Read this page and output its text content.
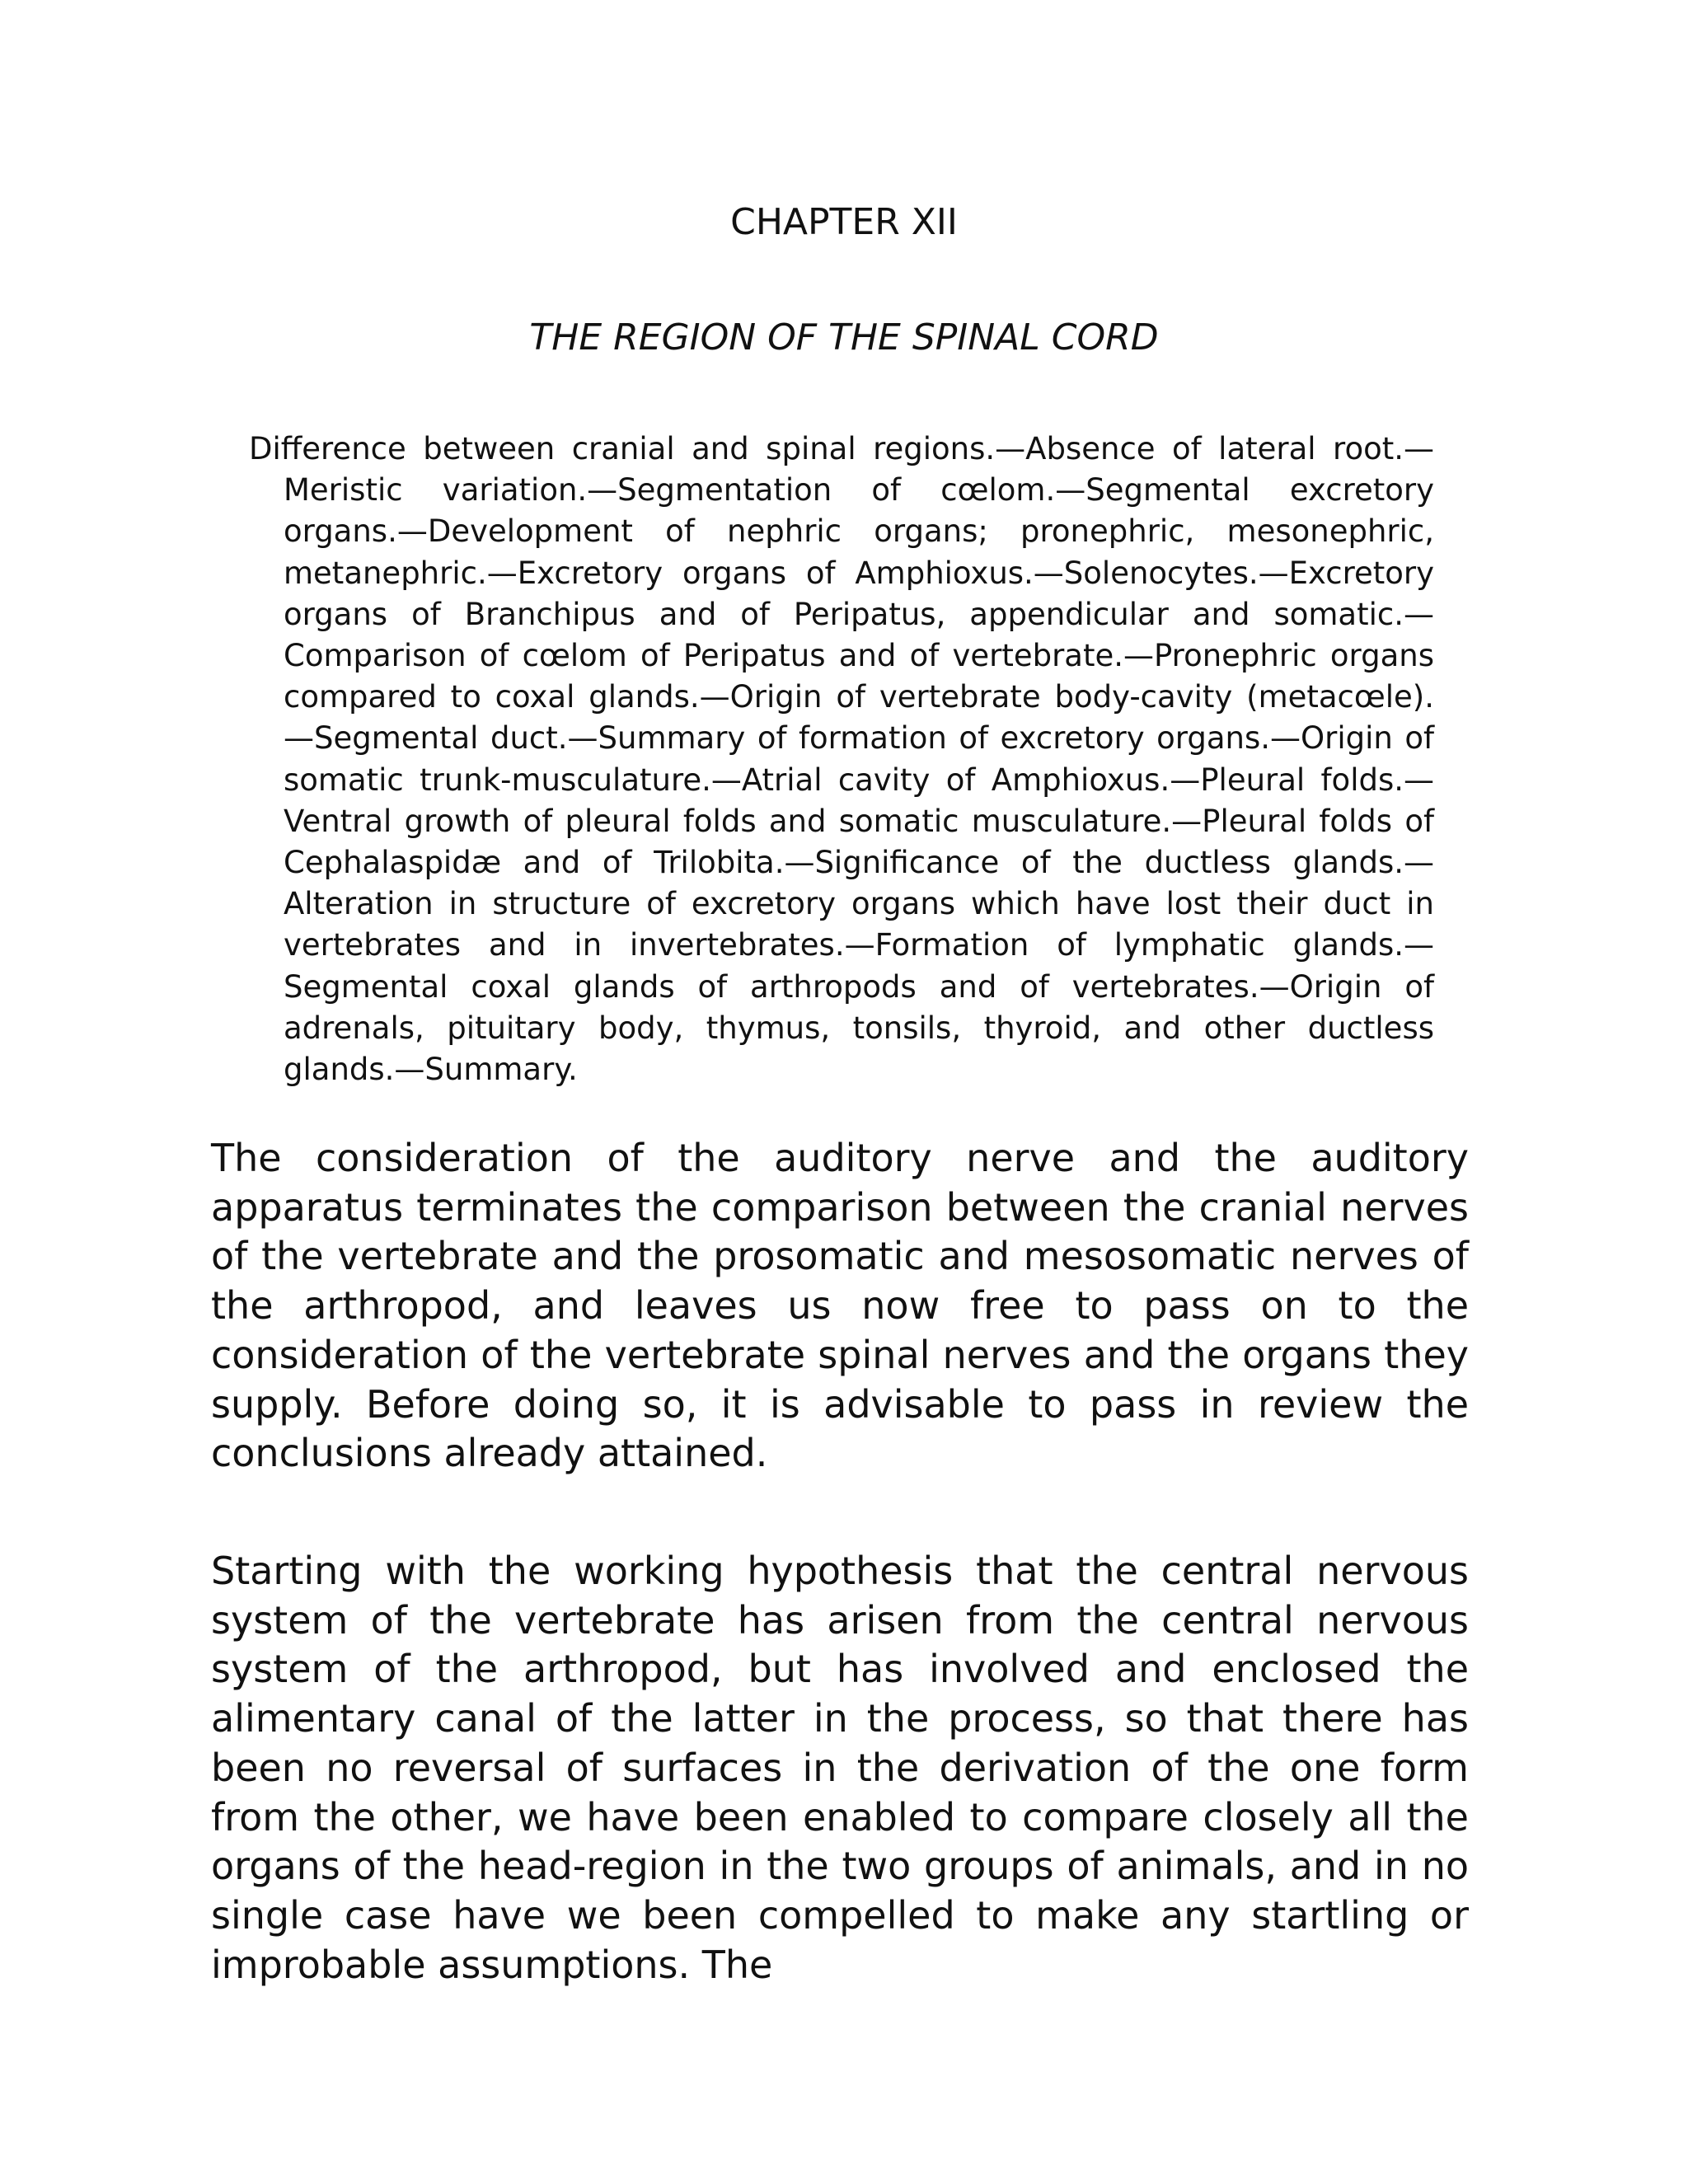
CHAPTER XII
THE REGION OF THE SPINAL CORD

Difference between cranial and spinal regions.—Absence of lateral root.—Meristic variation.—Segmentation of cœlom.—Segmental excretory organs.—Development of nephric organs; pronephric, mesonephric, metanephric.—Excretory organs of Amphioxus.—Solenocytes.—Excretory organs of Branchipus and of Peripatus, appendicular and somatic.—Comparison of cœlom of Peripatus and of vertebrate.—Pronephric organs compared to coxal glands.—Origin of vertebrate body-cavity (metacœle).—Segmental duct.—Summary of formation of excretory organs.—Origin of somatic trunk-musculature.—Atrial cavity of Amphioxus.—Pleural folds.—Ventral growth of pleural folds and somatic musculature.—Pleural folds of Cephalaspidæ and of Trilobita.—Significance of the ductless glands.—Alteration in structure of excretory organs which have lost their duct in vertebrates and in invertebrates.—Formation of lymphatic glands.—Segmental coxal glands of arthropods and of vertebrates.—Origin of adrenals, pituitary body, thymus, tonsils, thyroid, and other ductless glands.—Summary.

The consideration of the auditory nerve and the auditory apparatus terminates the comparison between the cranial nerves of the vertebrate and the prosomatic and mesosomatic nerves of the arthropod, and leaves us now free to pass on to the consideration of the vertebrate spinal nerves and the organs they supply. Before doing so, it is advisable to pass in review the conclusions already attained.

Starting with the working hypothesis that the central nervous system of the vertebrate has arisen from the central nervous system of the arthropod, but has involved and enclosed the alimentary canal of the latter in the process, so that there has been no reversal of surfaces in the derivation of the one form from the other, we have been enabled to compare closely all the organs of the head-region in the two groups of animals, and in no single case have we been compelled to make any startling or improbable assumptions. The
